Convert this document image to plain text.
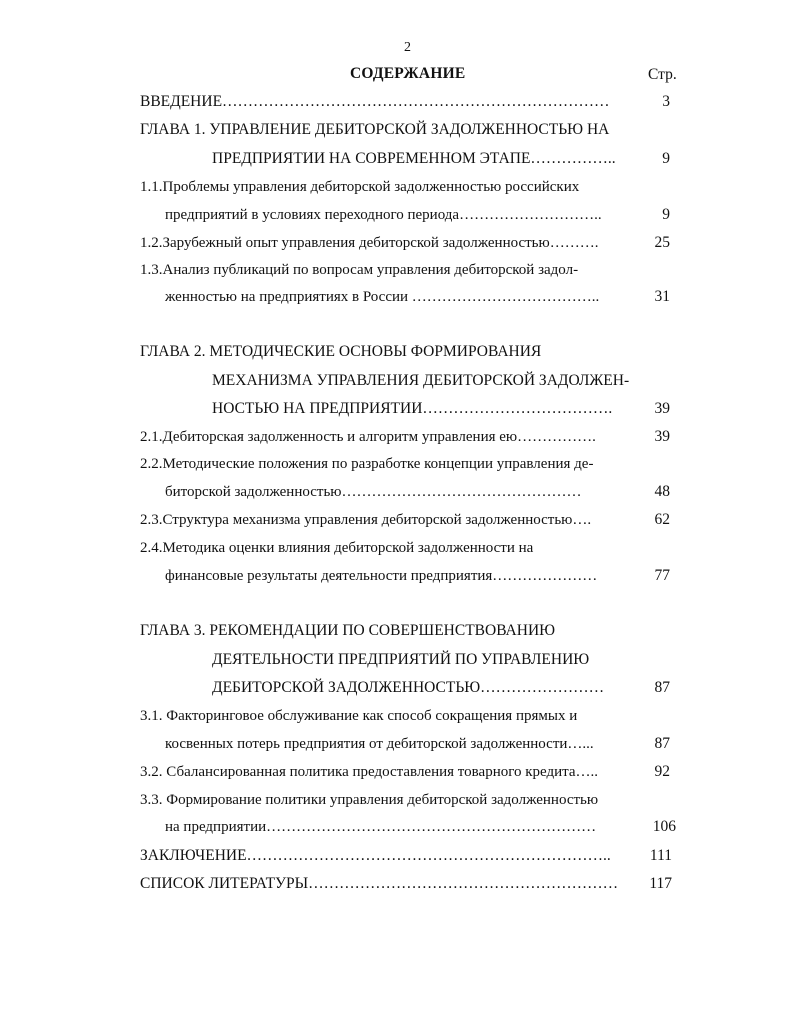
2
СОДЕРЖАНИЕ	Стр.
ВВЕДЕНИЕ…………………………………………………………………	3
ГЛАВА 1. УПРАВЛЕНИЕ ДЕБИТОРСКОЙ ЗАДОЛЖЕННОСТЬЮ НА
ПРЕДПРИЯТИИ НА СОВРЕМЕННОМ ЭТАПЕ……………..	9
1.1.Проблемы управления дебиторской задолженностью российских
предприятий в условиях переходного периода………………………..	9
1.2.Зарубежный опыт управления дебиторской задолженностью……….	25
1.3.Анализ публикаций по вопросам управления дебиторской задол-
женностью на предприятиях в России ………………………………..	31
ГЛАВА 2. МЕТОДИЧЕСКИЕ ОСНОВЫ ФОРМИРОВАНИЯ
МЕХАНИЗМА УПРАВЛЕНИЯ ДЕБИТОРСКОЙ ЗАДОЛЖЕН-
НОСТЬЮ НА ПРЕДПРИЯТИИ……………………………….	39
2.1.Дебиторская задолженность и алгоритм управления ею…………….	39
2.2.Методические положения по разработке концепции управления де-
биторской задолженностью…………………………………………	48
2.3.Структура механизма управления дебиторской задолженностью….	62
2.4.Методика оценки влияния дебиторской задолженности на
финансовые результаты деятельности предприятия…………………	77
ГЛАВА 3. РЕКОМЕНДАЦИИ ПО СОВЕРШЕНСТВОВАНИЮ
ДЕЯТЕЛЬНОСТИ ПРЕДПРИЯТИЙ ПО УПРАВЛЕНИЮ
ДЕБИТОРСКОЙ ЗАДОЛЖЕННОСТЬЮ……………………	87
3.1. Факторинговое обслуживание как способ сокращения прямых и
косвенных потерь предприятия от дебиторской задолженности…...	87
3.2. Сбалансированная политика предоставления товарного кредита…..	92
3.3. Формирование политики управления дебиторской задолженностью
на предприятии…………………………………………………………	106
ЗАКЛЮЧЕНИЕ……………………………………………………………..	111
СПИСОК ЛИТЕРАТУРЫ……………………………………………………	117
